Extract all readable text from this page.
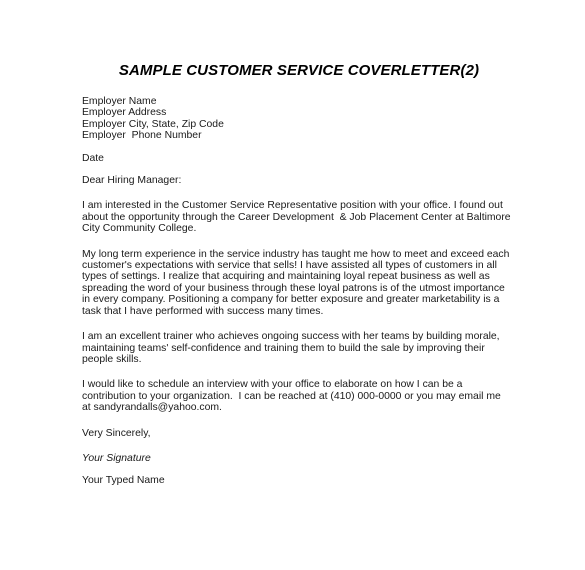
SAMPLE CUSTOMER SERVICE COVERLETTER(2)
Employer Name
Employer Address
Employer City, State, Zip Code
Employer  Phone Number
Date
Dear Hiring Manager:
I am interested in the Customer Service Representative position with your office. I found out
about the opportunity through the Career Development  & Job Placement Center at Baltimore
City Community College.
My long term experience in the service industry has taught me how to meet and exceed each
customer's expectations with service that sells! I have assisted all types of customers in all
types of settings. I realize that acquiring and maintaining loyal repeat business as well as
spreading the word of your business through these loyal patrons is of the utmost importance
in every company. Positioning a company for better exposure and greater marketability is a
task that I have performed with success many times.
I am an excellent trainer who achieves ongoing success with her teams by building morale,
maintaining teams' self-confidence and training them to build the sale by improving their
people skills.
I would like to schedule an interview with your office to elaborate on how I can be a
contribution to your organization.  I can be reached at (410) 000-0000 or you may email me
at sandyrandalls@yahoo.com.
Very Sincerely,
Your Signature
Your Typed Name
